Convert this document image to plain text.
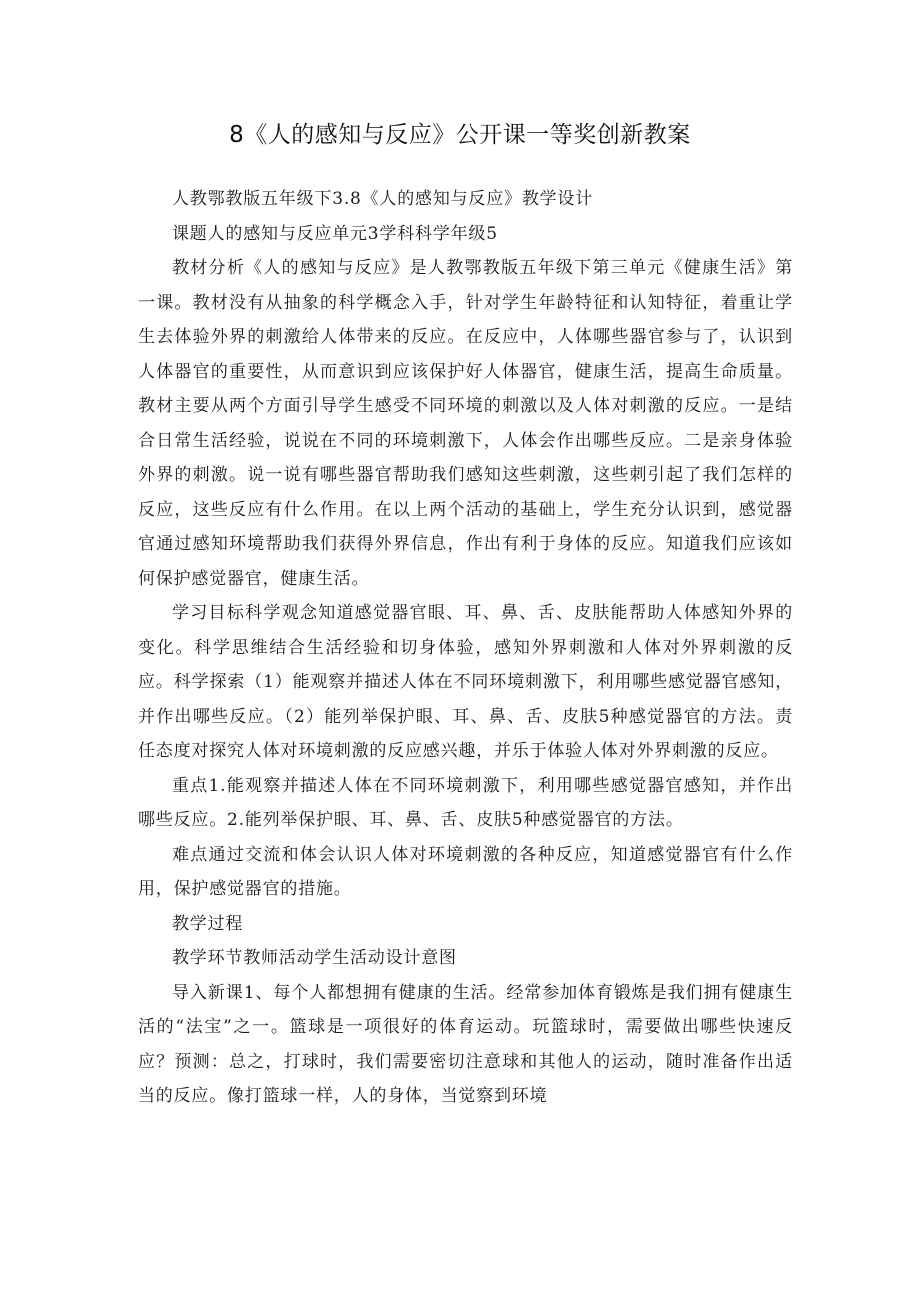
8《人的感知与反应》公开课一等奖创新教案

人教鄂教版五年级下3.8《人的感知与反应》教学设计

课题人的感知与反应单元3学科科学年级5

教材分析《人的感知与反应》是人教鄂教版五年级下第三单元《健康生活》第一课。教材没有从抽象的科学概念入手，针对学生年龄特征和认知特征，着重让学生去体验外界的刺激给人体带来的反应。在反应中，人体哪些器官参与了，认识到人体器官的重要性，从而意识到应该保护好人体器官，健康生活，提高生命质量。教材主要从两个方面引导学生感受不同环境的刺激以及人体对刺激的反应。一是结合日常生活经验，说说在不同的环境刺激下，人体会作出哪些反应。二是亲身体验外界的刺激。说一说有哪些器官帮助我们感知这些刺激，这些刺引起了我们怎样的反应，这些反应有什么作用。在以上两个活动的基础上，学生充分认识到，感觉器官通过感知环境帮助我们获得外界信息，作出有利于身体的反应。知道我们应该如何保护感觉器官，健康生活。

学习目标科学观念知道感觉器官眼、耳、鼻、舌、皮肤能帮助人体感知外界的变化。科学思维结合生活经验和切身体验，感知外界刺激和人体对外界刺激的反应。科学探索（1）能观察并描述人体在不同环境刺激下，利用哪些感觉器官感知，并作出哪些反应。（2）能列举保护眼、耳、鼻、舌、皮肤5种感觉器官的方法。责任态度对探究人体对环境刺激的反应感兴趣，并乐于体验人体对外界刺激的反应。

重点1.能观察并描述人体在不同环境刺激下，利用哪些感觉器官感知，并作出哪些反应。2.能列举保护眼、耳、鼻、舌、皮肤5种感觉器官的方法。

难点通过交流和体会认识人体对环境刺激的各种反应，知道感觉器官有什么作用，保护感觉器官的措施。

教学过程

教学环节教师活动学生活动设计意图

导入新课1、每个人都想拥有健康的生活。经常参加体育锻炼是我们拥有健康生活的“法宝”之一。篮球是一项很好的体育运动。玩篮球时，需要做出哪些快速反应？预测：总之，打球时，我们需要密切注意球和其他人的运动，随时准备作出适当的反应。像打篮球一样，人的身体，当觉察到环境
